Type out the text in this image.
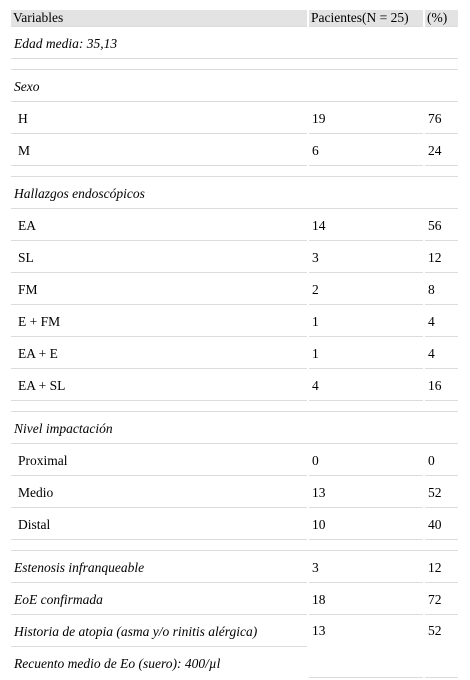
Variables	Pacientes(N = 25)	(%)
Edad media: 35,13		

Sexo		
H	19	76
M	6	24

Hallazgos endoscópicos		
EA	14	56
SL	3	12
FM	2	8
E + FM	1	4
EA + E	1	4
EA + SL	4	16

Nivel impactación		
Proximal	0	0
Medio	13	52
Distal	10	40

Estenosis infranqueable	3	12
EoE confirmada	18	72
Historia de atopia (asma y/o rinitis alérgica)	13	52
Recuento medio de Eo (suero): 400/µl		
